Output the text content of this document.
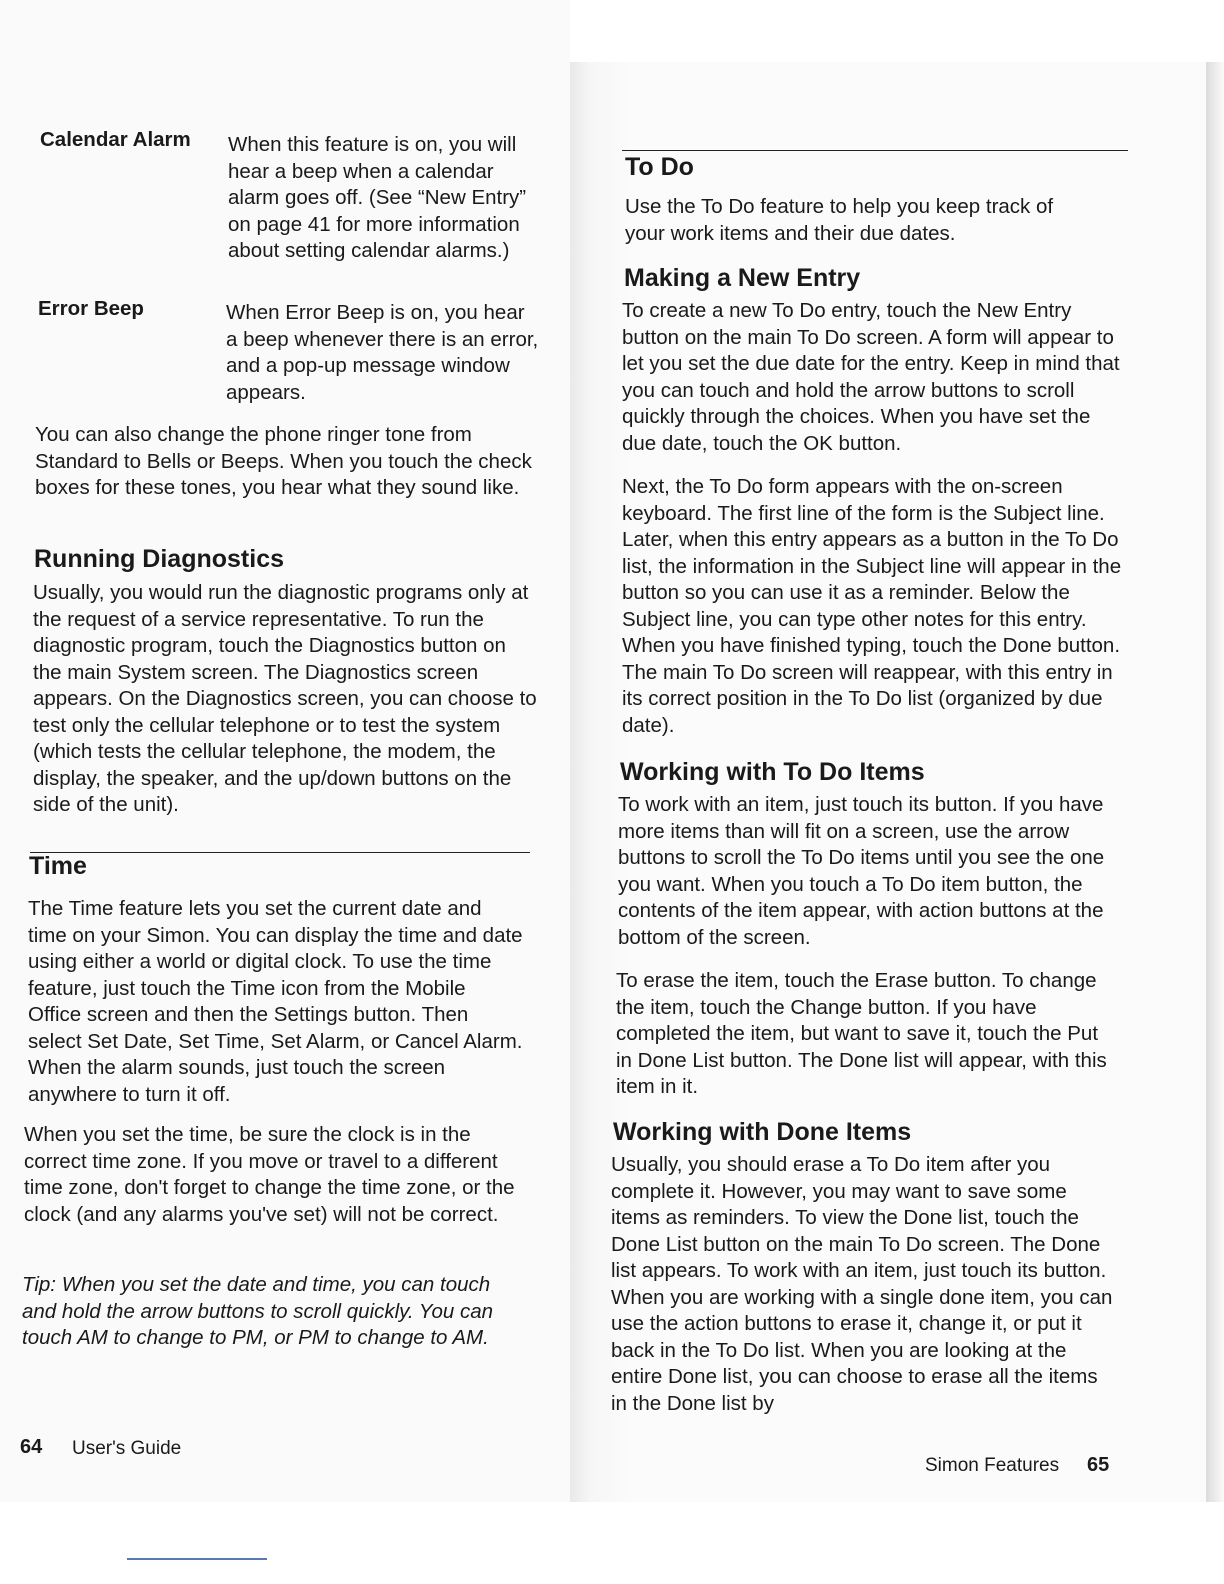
Calendar Alarm When this feature is on, you will hear a beep when a calendar alarm goes off. (See “New Entry” on page 41 for more information about setting calendar alarms.)
Error Beep	When Error Beep is on, you hear a beep whenever there is an error, and a pop-up message window appears.

You can also change the phone ringer tone from Standard to Bells or Beeps. When you touch the check boxes for these tones, you hear what they sound like.

Running Diagnostics

Usually, you would run the diagnostic programs only at the request of a service representative. To run the diagnostic program, touch the Diagnostics button on the main System screen. The Diagnostics screen appears. On the Diagnostics screen, you can choose to test only the cellular telephone or to test the system (which tests the cellular telephone, the modem, the display, the speaker, and the up/down buttons on the side of the unit).

Time

The Time feature lets you set the current date and time on your Simon. You can display the time and date using either a world or digital clock. To use the time feature, just touch the Time icon from the Mobile Office screen and then the Settings button. Then select Set Date, Set Time, Set Alarm, or Cancel Alarm. When the alarm sounds, just touch the screen anywhere to turn it off.

When you set the time, be sure the clock is in the correct time zone. If you move or travel to a different time zone, don't forget to change the time zone, or the clock (and any alarms you've set) will not be correct.

Tip: When you set the date and time, you can touch and hold the arrow buttons to scroll quickly. You can touch AM to change to PM, or PM to change to AM.

64 User's Guide
To Do

Use the To Do feature to help you keep track of your work items and their due dates.

Making a New Entry

To create a new To Do entry, touch the New Entry button on the main To Do screen. A form will appear to let you set the due date for the entry. Keep in mind that you can touch and hold the arrow buttons to scroll quickly through the choices. When you have set the due date, touch the OK button.

Next, the To Do form appears with the on-screen keyboard. The first line of the form is the Subject line. Later, when this entry appears as a button in the To Do list, the information in the Subject line will appear in the button so you can use it as a reminder. Below the Subject line, you can type other notes for this entry. When you have finished typing, touch the Done button. The main To Do screen will reappear, with this entry in its correct position in the To Do list (organized by due date).

Working with To Do Items

To work with an item, just touch its button. If you have more items than will fit on a screen, use the arrow buttons to scroll the To Do items until you see the one you want. When you touch a To Do item button, the contents of the item appear, with action buttons at the bottom of the screen.

To erase the item, touch the Erase button. To change the item, touch the Change button. If you have completed the item, but want to save it, touch the Put in Done List button. The Done list will appear, with this item in it.

Working with Done Items

Usually, you should erase a To Do item after you complete it. However, you may want to save some items as reminders. To view the Done list, touch the Done List button on the main To Do screen. The Done list appears. To work with an item, just touch its button. When you are working with a single done item, you can use the action buttons to erase it, change it, or put it back in the To Do list. When you are looking at the entire Done list, you can choose to erase all the items in the Done list by

Simon Features 65
